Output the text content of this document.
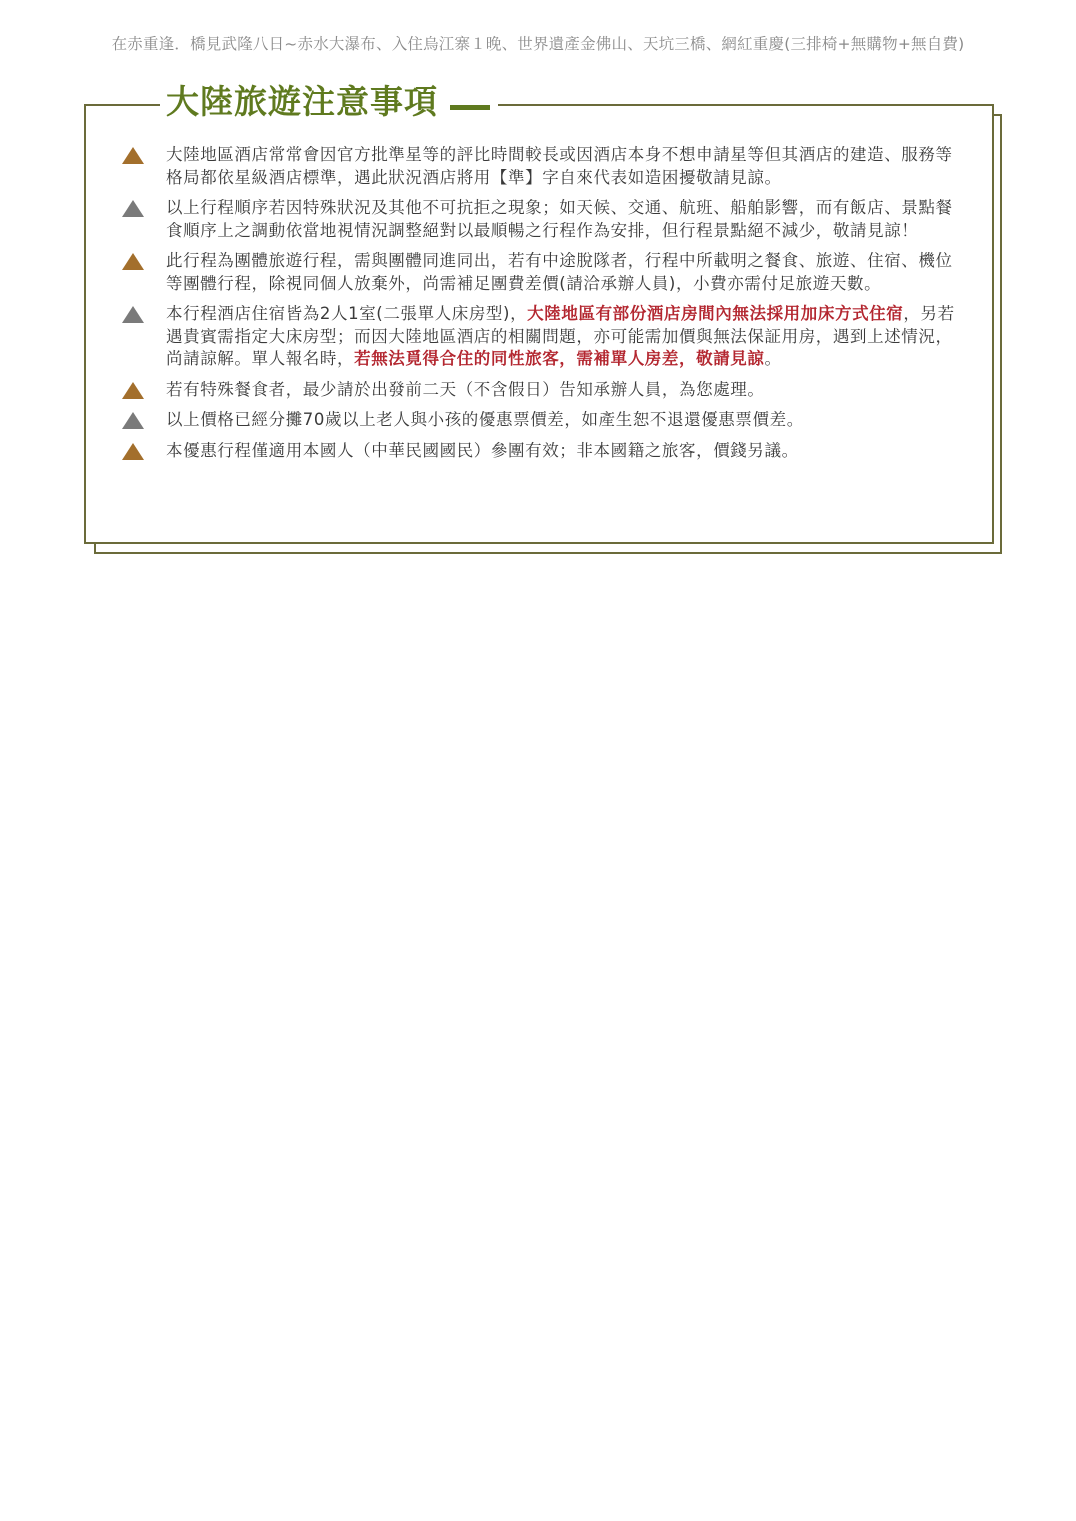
在赤重逢．橋見武隆八日~赤水大瀑布、入住烏江寨１晚、世界遺產金佛山、天坑三橋、網紅重慶(三排椅+無購物+無自費)
大陸地區酒店常常會因官方批準星等的評比時間較長或因酒店本身不想申請星等但其酒店的建造、服務等格局都依星級酒店標準，遇此狀況酒店將用【準】字自來代表如造困擾敬請見諒。
以上行程順序若因特殊狀況及其他不可抗拒之現象；如天候、交通、航班、船舶影響，而有飯店、景點餐食順序上之調動依當地視情況調整絕對以最順暢之行程作為安排，但行程景點絕不減少，敬請見諒！
此行程為團體旅遊行程，需與團體同進同出，若有中途脫隊者，行程中所載明之餐食、旅遊、住宿、機位等團體行程，除視同個人放棄外，尚需補足團費差價(請洽承辦人員)，小費亦需付足旅遊天數。
本行程酒店住宿皆為2人1室(二張單人床房型)，大陸地區有部份酒店房間內無法採用加床方式住宿，另若遇貴賓需指定大床房型；而因大陸地區酒店的相關問題，亦可能需加價與無法保証用房，遇到上述情況，尚請諒解。單人報名時，若無法覓得合住的同性旅客，需補單人房差，敬請見諒。
若有特殊餐食者，最少請於出發前二天（不含假日）告知承辦人員，為您處理。
以上價格已經分攤70歲以上老人與小孩的優惠票價差，如產生恕不退還優惠票價差。
本優惠行程僅適用本國人（中華民國國民）參團有效；非本國籍之旅客，價錢另議。
大陸旅遊注意事項
